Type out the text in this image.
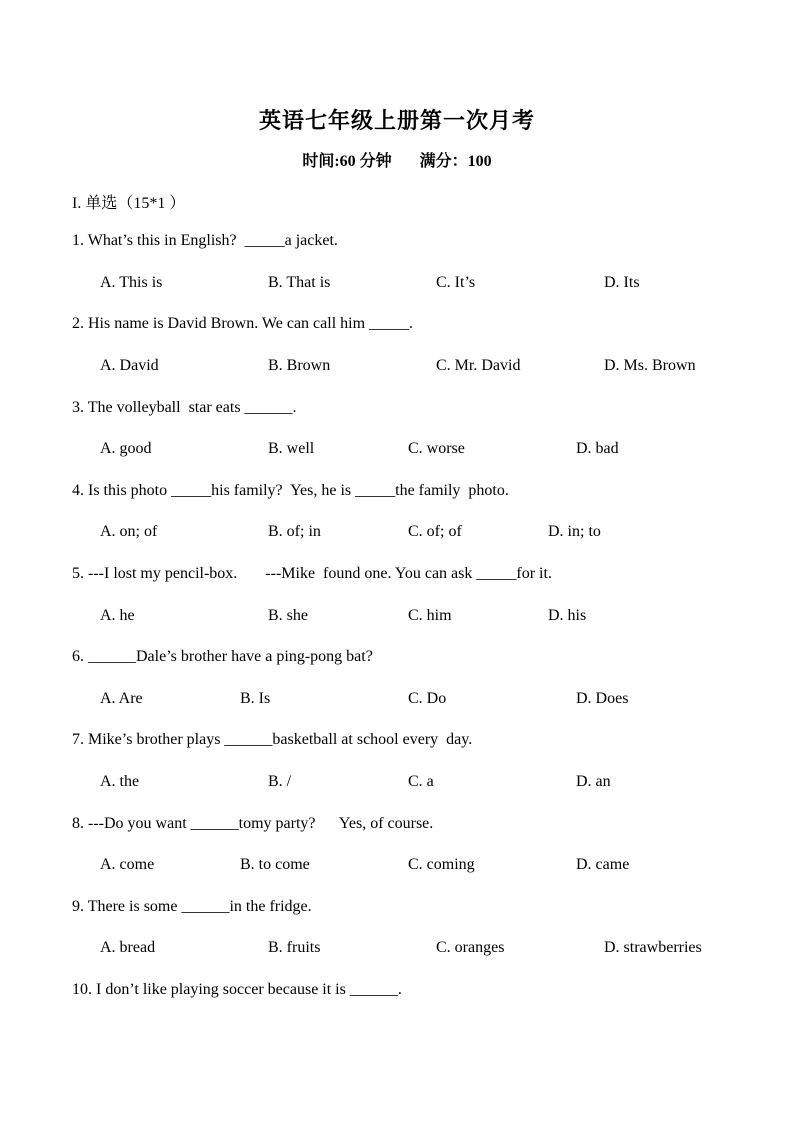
英语七年级上册第一次月考
时间:60 分钟 满分：100
I. 单选（15*1 ）
1. What’s this in English?  _____a jacket.
A. This is	B. That is	C. It’s	D. Its
2. His name is David Brown. We can call him _____.
A. David	B. Brown	C. Mr. David	D. Ms. Brown
3. The volleyball  star eats ______.
A. good	B. well	C. worse	D. bad
4. Is this photo _____his family?  Yes, he is _____the family  photo.
A. on; of	B. of; in	C. of; of	D. in; to
5. ---I lost my pencil-box.       ---Mike  found one. You can ask _____for it.
A. he	B. she	C. him	D. his
6. ______Dale’s brother have a ping-pong bat?
A. Are	B. Is	C. Do	D. Does
7. Mike’s brother plays ______basketball at school every  day.
A. the	B. /	C. a	D. an
8. ---Do you want ______tomy party?      Yes, of course.
A. come	B. to come	C. coming	D. came
9. There is some ______in the fridge.
A. bread	B. fruits	C. oranges	D. strawberries
10. I don’t like playing soccer because it is ______.
